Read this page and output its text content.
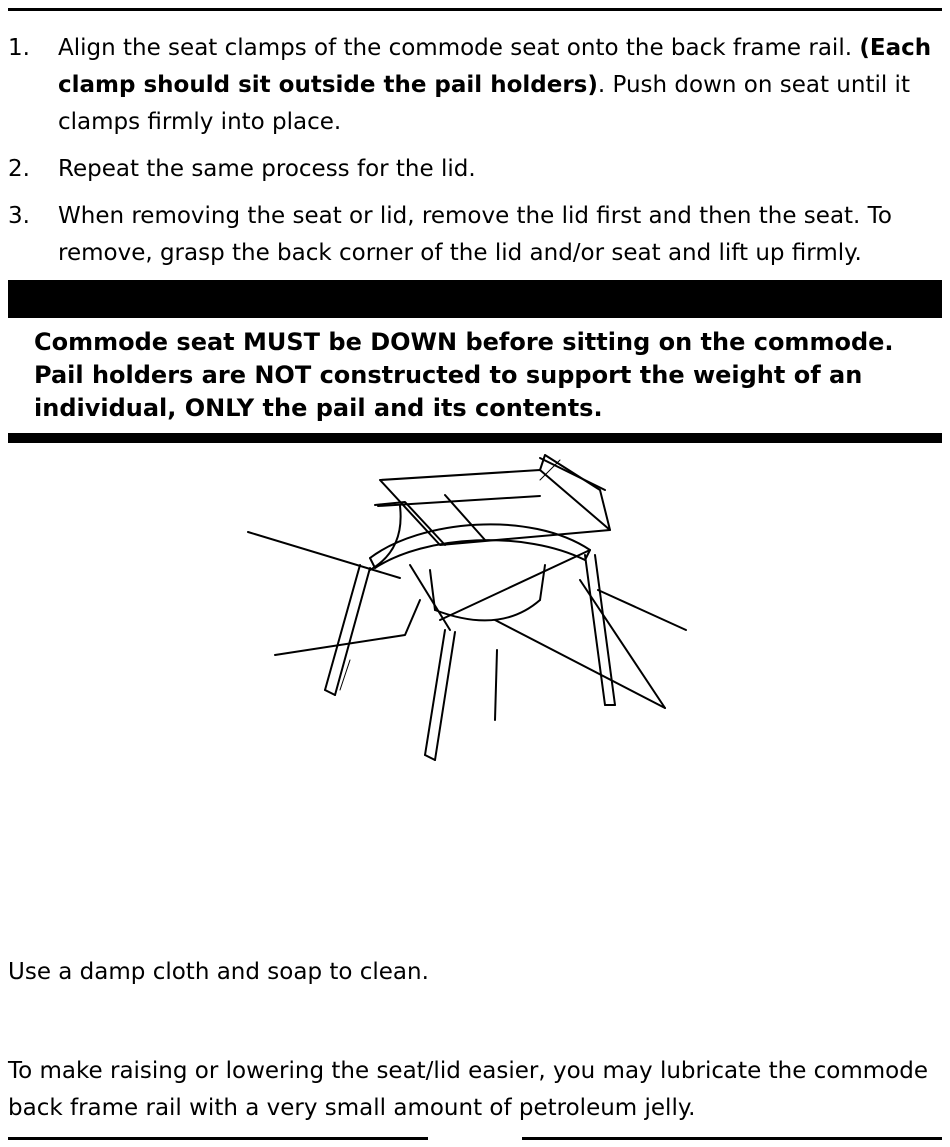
1. Align the seat clamps of the commode seat onto the back frame rail. (Each clamp should sit outside the pail holders). Push down on seat until it clamps firmly into place.
2. Repeat the same process for the lid.
3. When removing the seat or lid, remove the lid first and then the seat. To remove, grasp the back corner of the lid and/or seat and lift up firmly.
Commode seat MUST be DOWN before sitting on the commode. Pail holders are NOT constructed to support the weight of an individual, ONLY the pail and its contents.
Use a damp cloth and soap to clean.
To make raising or lowering the seat/lid easier, you may lubricate the commode back frame rail with a very small amount of petroleum jelly.
